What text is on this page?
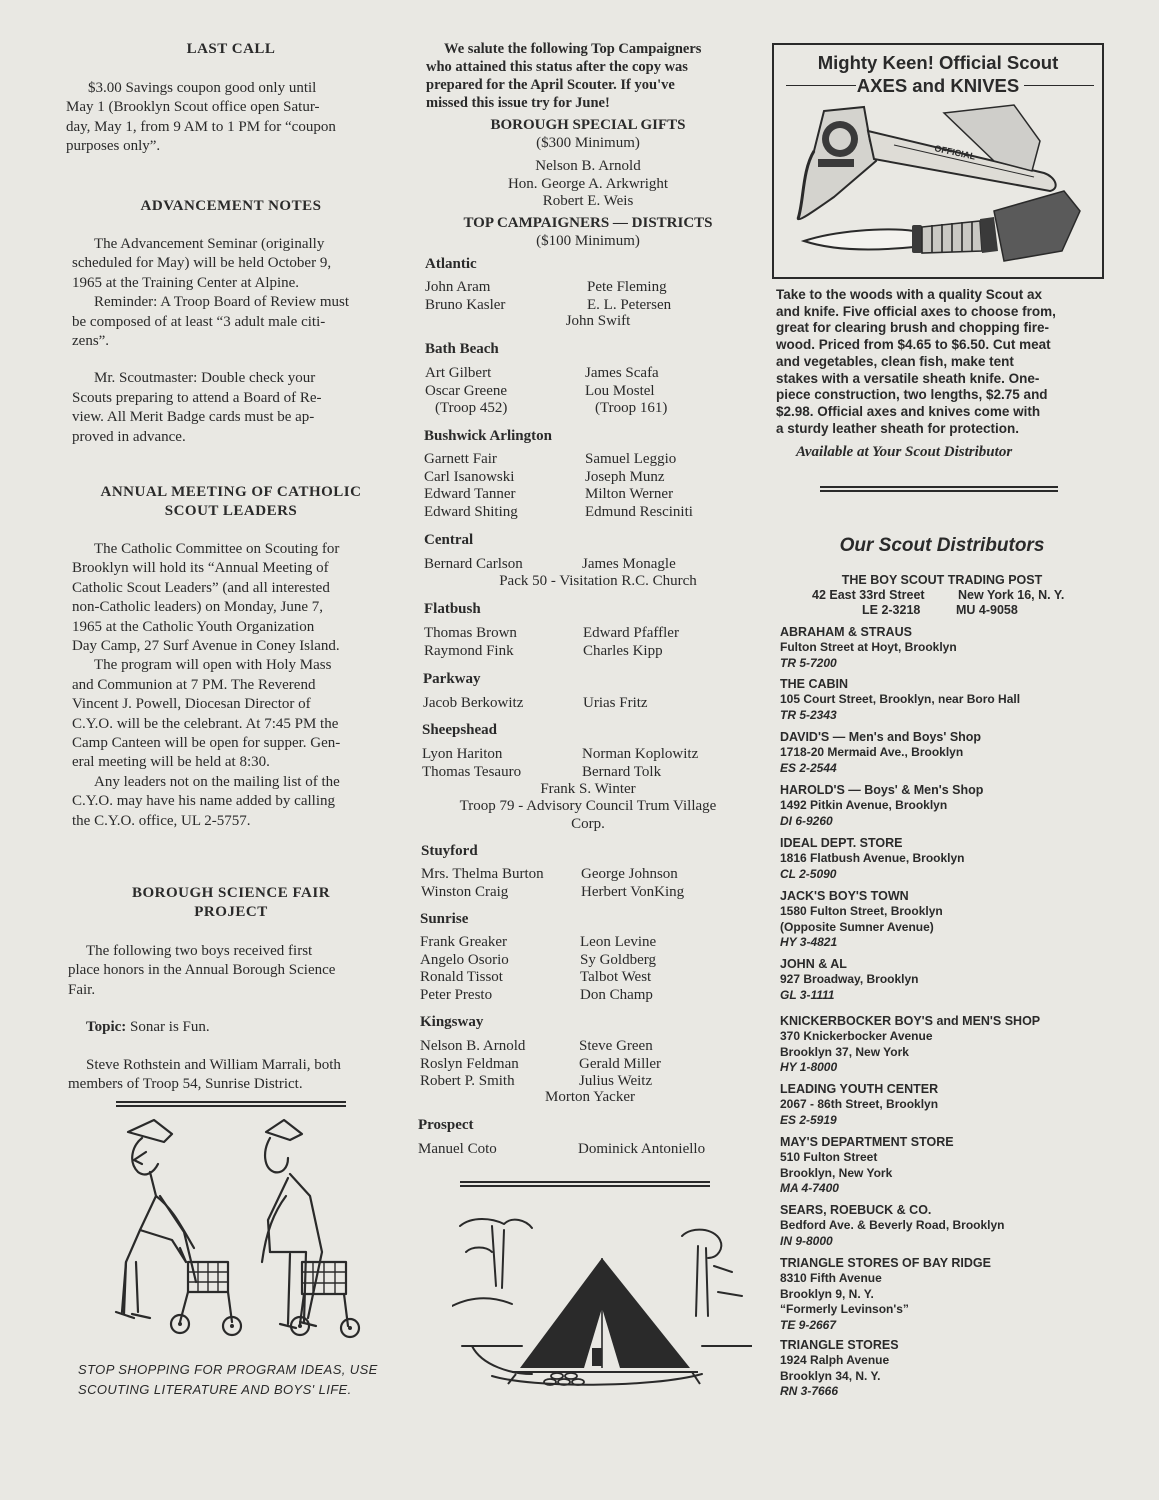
LAST CALL
$3.00 Savings coupon good only until
May 1 (Brooklyn Scout office open Satur-
day, May 1, from 9 AM to 1 PM for “coupon
purposes only”.
ADVANCEMENT NOTES
The Advancement Seminar (originally
scheduled for May) will be held October 9,
1965 at the Training Center at Alpine.
Reminder: A Troop Board of Review must
be composed of at least “3 adult male citi-
zens”.
Mr. Scoutmaster: Double check your
Scouts preparing to attend a Board of Re-
view. All Merit Badge cards must be ap-
proved in advance.
ANNUAL MEETING OF CATHOLIC
SCOUT LEADERS
The Catholic Committee on Scouting for
Brooklyn will hold its “Annual Meeting of
Catholic Scout Leaders” (and all interested
non-Catholic leaders) on Monday, June 7,
1965 at the Catholic Youth Organization
Day Camp, 27 Surf Avenue in Coney Island.
The program will open with Holy Mass
and Communion at 7 PM. The Reverend
Vincent J. Powell, Diocesan Director of
C.Y.O. will be the celebrant. At 7:45 PM the
Camp Canteen will be open for supper. Gen-
eral meeting will be held at 8:30.
Any leaders not on the mailing list of the
C.Y.O. may have his name added by calling
the C.Y.O. office, UL 2-5757.
BOROUGH SCIENCE FAIR
PROJECT
The following two boys received first
place honors in the Annual Borough Science
Fair.
Topic: Sonar is Fun.
Steve Rothstein and William Marrali, both
members of Troop 54, Sunrise District.
STOP SHOPPING FOR PROGRAM IDEAS, USE
SCOUTING LITERATURE AND BOYS' LIFE.
We salute the following Top Campaigners
who attained this status after the copy was
prepared for the April Scouter. If you've
missed this issue try for June!
BOROUGH SPECIAL GIFTS
($300 Minimum)
Nelson B. Arnold
Hon. George A. Arkwright
Robert E. Weis
TOP CAMPAIGNERS — DISTRICTS
($100 Minimum)
Atlantic
John Aram	Pete Fleming
Bruno Kasler	E. L. Petersen
John Swift
Bath Beach
Art Gilbert	James Scafa
Oscar Greene	Lou Mostel
(Troop 452)	(Troop 161)
Bushwick Arlington
Garnett Fair	Samuel Leggio
Carl Isanowski	Joseph Munz
Edward Tanner	Milton Werner
Edward Shiting	Edmund Resciniti
Central
Bernard Carlson	James Monagle
Pack 50 - Visitation R.C. Church
Flatbush
Thomas Brown	Edward Pfaffler
Raymond Fink	Charles Kipp
Parkway
Jacob Berkowitz	Urias Fritz
Sheepshead
Lyon Hariton	Norman Koplowitz
Thomas Tesauro	Bernard Tolk
Frank S. Winter
Troop 79 - Advisory Council Trum Village
Corp.
Stuyford
Mrs. Thelma Burton George Johnson
Winston Craig	Herbert VonKing
Sunrise
Frank Greaker	Leon Levine
Angelo Osorio	Sy Goldberg
Ronald Tissot	Talbot West
Peter Presto	Don Champ
Kingsway
Nelson B. Arnold	Steve Green
Roslyn Feldman	Gerald Miller
Robert P. Smith	Julius Weitz
Morton Yacker
Prospect
Manuel Coto	Dominick Antoniello
Mighty Keen! Official Scout
AXES and KNIVES
OFFICIAL
Take to the woods with a quality Scout ax
and knife. Five official axes to choose from,
great for clearing brush and chopping fire-
wood. Priced from $4.65 to $6.50. Cut meat
and vegetables, clean fish, make tent
stakes with a versatile sheath knife. One-
piece construction, two lengths, $2.75 and
$2.98. Official axes and knives come with
a sturdy leather sheath for protection.
Available at Your Scout Distributor
Our Scout Distributors
THE BOY SCOUT TRADING POST
42 East 33rd Street	New York 16, N. Y.
LE 2-3218	MU 4-9058
ABRAHAM & STRAUS
Fulton Street at Hoyt, Brooklyn
TR 5-7200
THE CABIN
105 Court Street, Brooklyn, near Boro Hall
TR 5-2343
DAVID'S — Men's and Boys' Shop
1718-20 Mermaid Ave., Brooklyn
ES 2-2544
HAROLD'S — Boys' & Men's Shop
1492 Pitkin Avenue, Brooklyn
DI 6-9260
IDEAL DEPT. STORE
1816 Flatbush Avenue, Brooklyn
CL 2-5090
JACK'S BOY'S TOWN
1580 Fulton Street, Brooklyn
(Opposite Sumner Avenue)
HY 3-4821
JOHN & AL
927 Broadway, Brooklyn
GL 3-1111
KNICKERBOCKER BOY'S and MEN'S SHOP
370 Knickerbocker Avenue
Brooklyn 37, New York
HY 1-8000
LEADING YOUTH CENTER
2067 - 86th Street, Brooklyn
ES 2-5919
MAY'S DEPARTMENT STORE
510 Fulton Street
Brooklyn, New York
MA 4-7400
SEARS, ROEBUCK & CO.
Bedford Ave. & Beverly Road, Brooklyn
IN 9-8000
TRIANGLE STORES OF BAY RIDGE
8310 Fifth Avenue
Brooklyn 9, N. Y.
“Formerly Levinson's”
TE 9-2667
TRIANGLE STORES
1924 Ralph Avenue
Brooklyn 34, N. Y.
RN 3-7666
